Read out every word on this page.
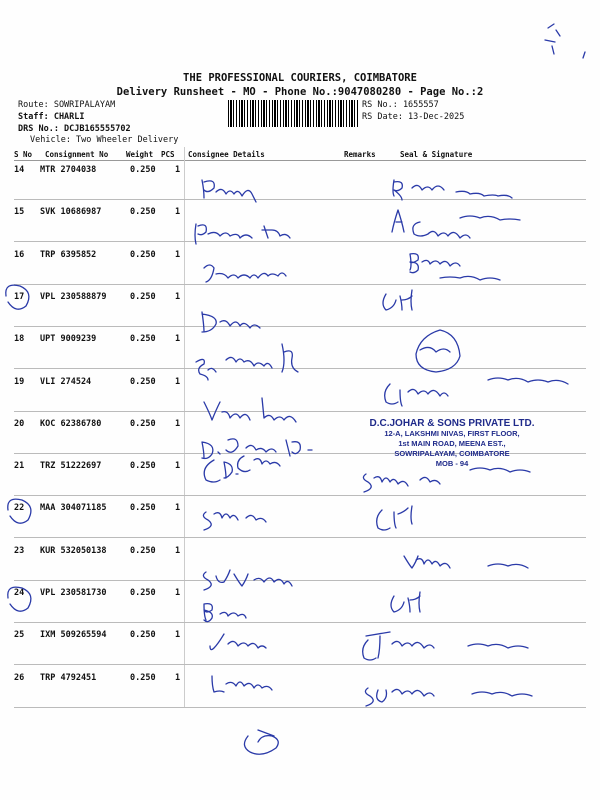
THE PROFESSIONAL COURIERS, COIMBATORE
Delivery Runsheet - MO - Phone No.:9047080280 - Page No.:2
Route: SOWRIPALAYAM
Staff: CHARLI
DRS No.: DCJB165555702
Vehicle: Two Wheeler Delivery
RS No.: 1655557
RS Date: 13-Dec-2025
S No Consignment No Weight PCS Consignee Details	Remarks	Seal & Signature
14 MTR 2704038	0.250 1
15 SVK 10686987	0.250 1
16 TRP 6395852	0.250 1
17 VPL 230588879	0.250 1
18 UPT 9009239	0.250 1
19 VLI 274524	0.250 1
20 KOC 62386780	0.250 1
21 TRZ 51222697	0.250 1
22 MAA 304071185	0.250 1
23 KUR 532050138	0.250 1
24 VPL 230581730	0.250 1
25 IXM 509265594	0.250 1
26 TRP 4792451	0.250 1
D.C.JOHAR & SONS PRIVATE LTD.
12-A, LAKSHMI NIVAS, FIRST FLOOR,
1st MAIN ROAD, MEENA EST.,
SOWRIPALAYAM, COIMBATORE
MOB - 94
